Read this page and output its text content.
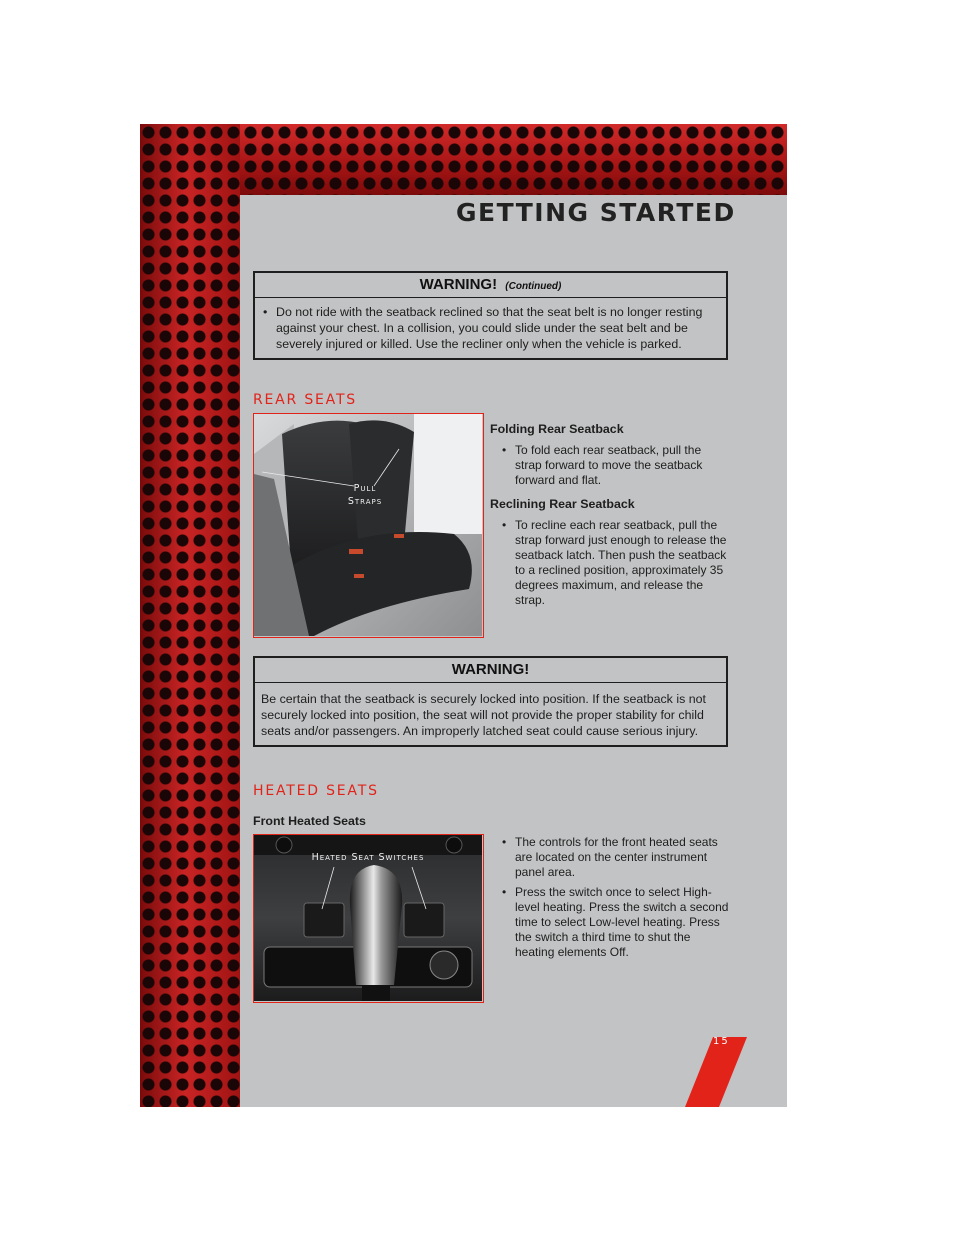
GETTING STARTED
WARNING! (Continued)
• Do not ride with the seatback reclined so that the seat belt is no longer resting against your chest. In a collision, you could slide under the seat belt and be severely injured or killed. Use the recliner only when the vehicle is parked.
REAR SEATS
Pull
Straps
Folding Rear Seatback
• To fold each rear seatback, pull the strap forward to move the seatback forward and flat.
Reclining Rear Seatback
• To recline each rear seatback, pull the strap forward just enough to release the seatback latch. Then push the seatback to a reclined position, approximately 35 degrees maximum, and release the strap.
WARNING!
Be certain that the seatback is securely locked into position. If the seatback is not securely locked into position, the seat will not provide the proper stability for child seats and/or passengers. An improperly latched seat could cause serious injury.
HEATED SEATS
Front Heated Seats
Heated Seat Switches
• The controls for the front heated seats are located on the center instrument panel area.
• Press the switch once to select High-level heating. Press the switch a second time to select Low-level heating. Press the switch a third time to shut the heating elements Off.
15
